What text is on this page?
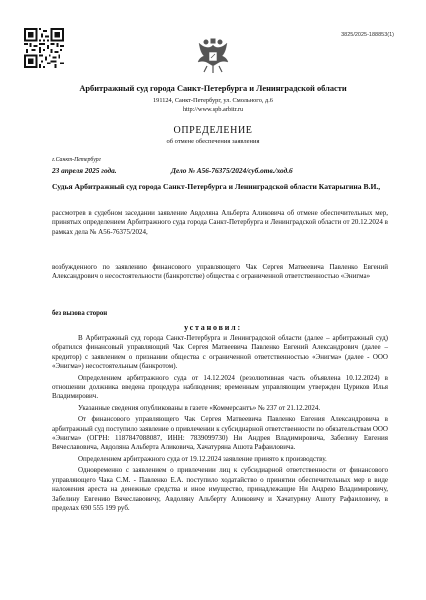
3825/2025-188853(1)
Арбитражный суд города Санкт-Петербурга и Ленинградской области
191124, Санкт-Петербург, ул. Смольного, д.6
http://www.spb.arbitr.ru
ОПРЕДЕЛЕНИЕ
об отмене обеспечения заявления
г.Санкт-Петербург
23 апреля 2025 года.	Дело № А56-76375/2024/суб.отв./ход.6
Судья Арбитражный суд города Санкт-Петербурга и Ленинградской области Катарыгина В.И.,
рассмотрев в судебном заседании заявление Авдоляна Альберта Аликовича об отмене обеспечительных мер, принятых определением Арбитражного суда города Санкт-Петербурга и Ленинградской области от 20.12.2024 в рамках дела № А56-76375/2024,
возбужденного по заявлению финансового управляющего Чак Сергея Матвеевича Павленко Евгений Александрович о несостоятельности (банкротстве) общества с ограниченной ответственностью «Энигма»
без вызова сторон
установил:

В Арбитражный суд города Санкт-Петербурга и Ленинградской области (далее – арбитражный суд) обратился финансовый управляющий Чак Сергея Матвеевича Павленко Евгений Александрович (далее – кредитор) с заявлением о признании общества с ограниченной ответственностью «Энигма» (далее - ООО «Энигма») несостоятельным (банкротом).

Определением арбитражного суда от 14.12.2024 (резолютивная часть объявлена 10.12.2024) в отношении должника введена процедура наблюдения; временным управляющим утвержден Цуриков Илья Владимирович.

Указанные сведения опубликованы в газете «Коммерсантъ» № 237 от 21.12.2024.

От финансового управляющего Чак Сергея Матвеевича Павленко Евгения Александровича в арбитражный суд поступило заявление о привлечении к субсидиарной ответственности по обязательствам ООО «Энигма» (ОГРН: 1187847088087, ИНН: 7839099730) Ни Андрея Владимировича, Забелину Евгения Вячеславовича, Авдоляна Альберта Аликовича, Хачатуряна Ашота Рафаиловича.

Определением арбитражного суда от 19.12.2024 заявление принято к производству.

Одновременно с заявлением о привлечении лиц к субсидиарной ответственности от финансового управляющего Чака С.М. - Павленко Е.А. поступило ходатайство о принятии обеспечительных мер в виде наложения ареста на денежные средства и иное имущество, принадлежащие Ни Андрею Владимировичу, Забелину Евгению Вячеславовичу, Авдоляну Альберту Аликовичу и Хачатуряну Ашоту Рафаиловичу, в пределах 690 555 199 руб.
